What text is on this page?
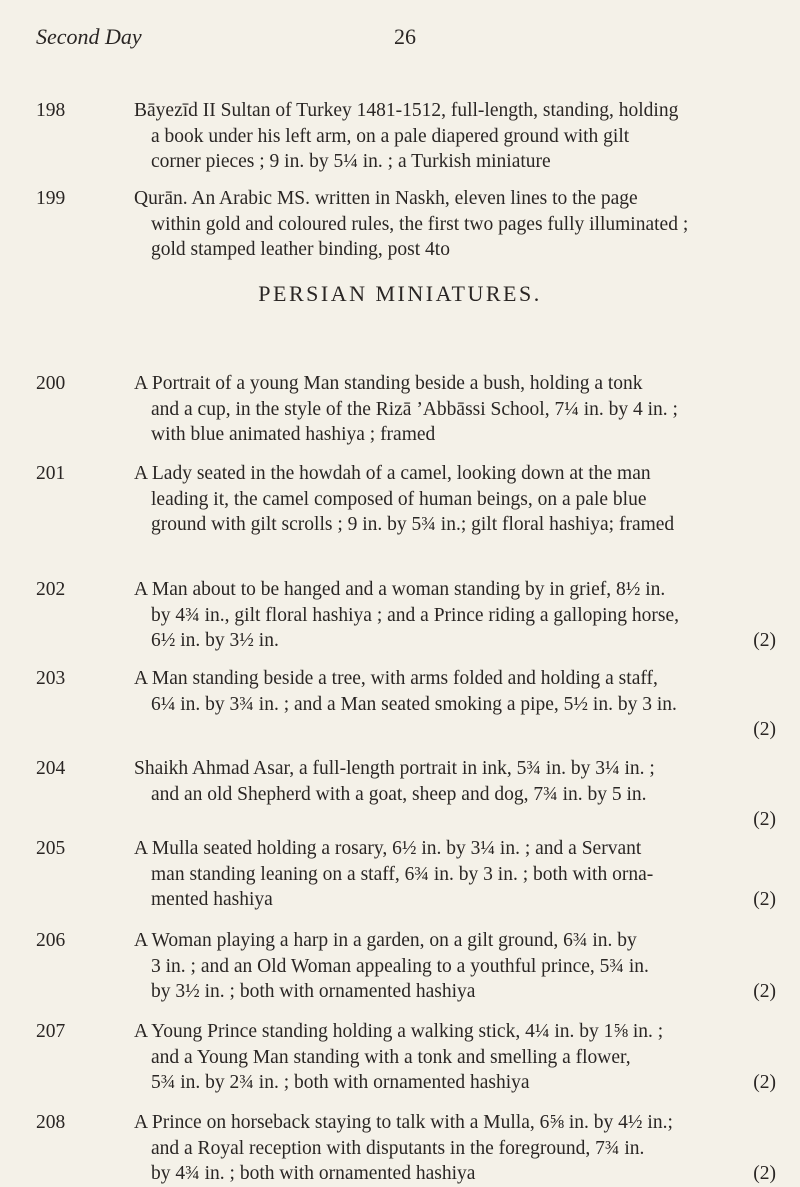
Second Day	26
PERSIAN MINIATURES.
198	Bāyezīd II Sultan of Turkey 1481-1512, full-length, standing, holding

a book under his left arm, on a pale diapered ground with gilt
corner pieces ; 9 in. by 5¼ in. ; a Turkish miniature
199	Qurān. An Arabic MS. written in Naskh, eleven lines to the page

within gold and coloured rules, the first two pages fully illuminated ;
gold stamped leather binding, post 4to
200	A Portrait of a young Man standing beside a bush, holding a tonk

and a cup, in the style of the Rizā ’Abbāssi School, 7¼ in. by 4 in. ;
with blue animated hashiya ; framed
201	A Lady seated in the howdah of a camel, looking down at the man

leading it, the camel composed of human beings, on a pale blue
ground with gilt scrolls ; 9 in. by 5¾ in.; gilt floral hashiya; framed
202	A Man about to be hanged and a woman standing by in grief, 8½ in.

by 4¾ in., gilt floral hashiya ; and a Prince riding a galloping horse,
6½ in. by 3½ in.	(2)
203	A Man standing beside a tree, with arms folded and holding a staff,

6¼ in. by 3¾ in. ; and a Man seated smoking a pipe, 5½ in. by 3 in.
(2)
204	Shaikh Ahmad Asar, a full-length portrait in ink, 5¾ in. by 3¼ in. ;

and an old Shepherd with a goat, sheep and dog, 7¾ in. by 5 in.
(2)
205	A Mulla seated holding a rosary, 6½ in. by 3¼ in. ; and a Servant

man standing leaning on a staff, 6¾ in. by 3 in. ; both with orna-
mented hashiya	(2)
206	A Woman playing a harp in a garden, on a gilt ground, 6¾ in. by

3 in. ; and an Old Woman appealing to a youthful prince, 5¾ in.
by 3½ in. ; both with ornamented hashiya	(2)
207	A Young Prince standing holding a walking stick, 4¼ in. by 1⅝ in. ;

and a Young Man standing with a tonk and smelling a flower,
5¾ in. by 2¾ in. ; both with ornamented hashiya	(2)
208	A Prince on horseback staying to talk with a Mulla, 6⅝ in. by 4½ in.;

and a Royal reception with disputants in the foreground, 7¾ in.
by 4¾ in. ; both with ornamented hashiya	(2)
